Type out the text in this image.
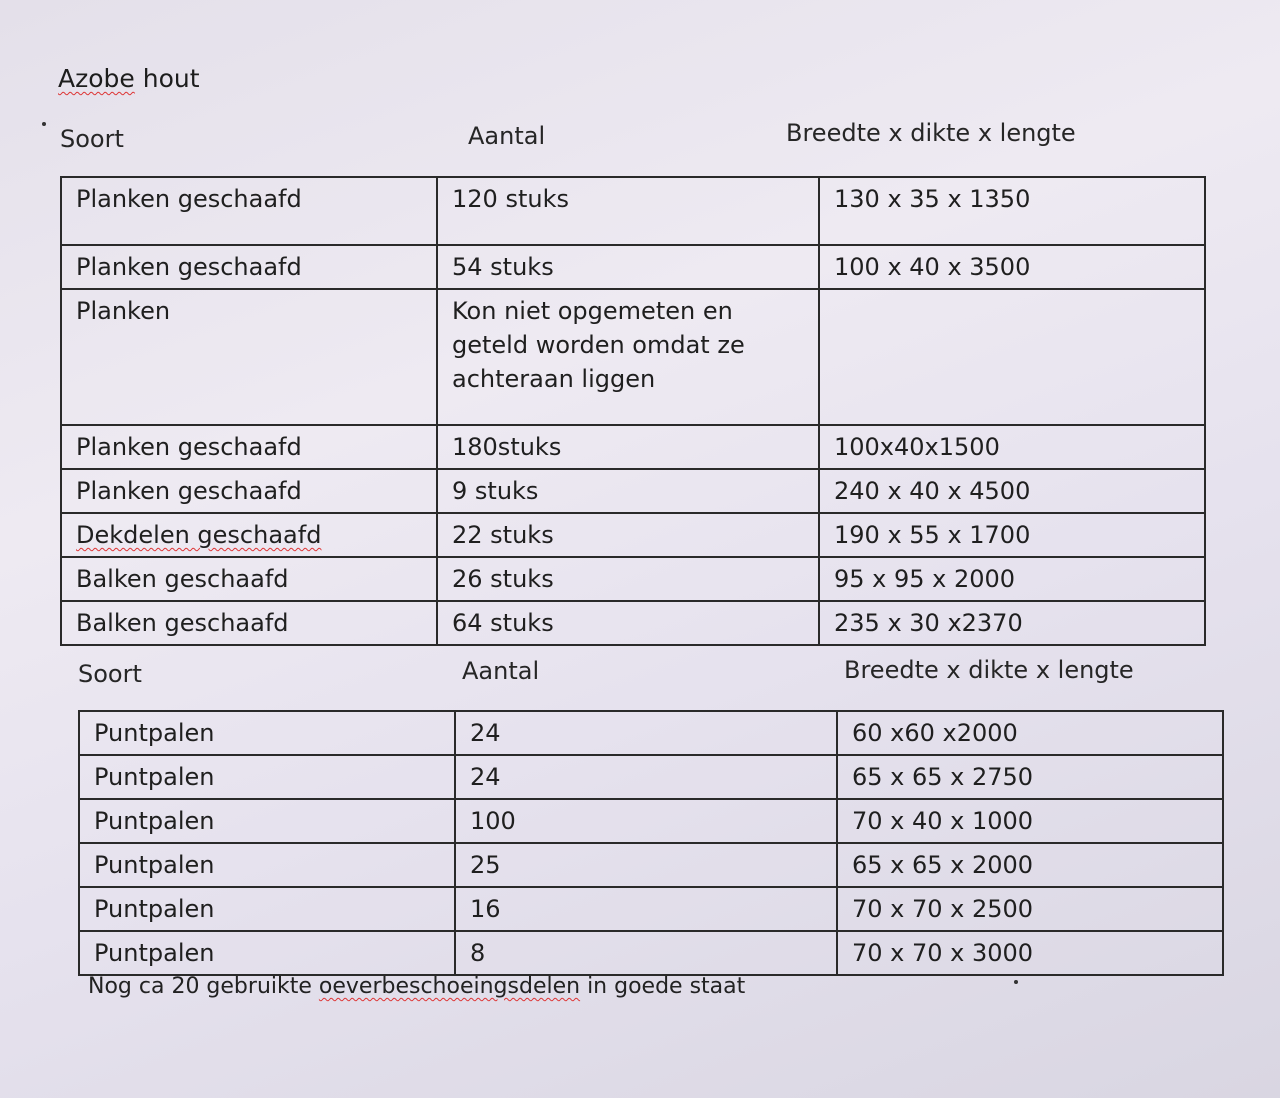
Azobe hout
Soort	Aantal	Breedte x dikte x lengte
Planken geschaafd	120 stuks	130 x 35 x 1350
Planken geschaafd	54 stuks	100 x 40 x 3500
Planken	Kon niet opgemeten en geteld worden omdat ze achteraan liggen	
Planken geschaafd	180stuks	100x40x1500
Planken geschaafd	9 stuks	240 x 40 x 4500
Dekdelen geschaafd	22 stuks	190 x 55 x 1700
Balken geschaafd	26 stuks	95 x 95 x 2000
Balken geschaafd	64 stuks	235 x 30 x2370
Soort	Aantal	Breedte x dikte x lengte
Puntpalen	24	60 x60 x2000
Puntpalen	24	65 x 65 x 2750
Puntpalen	100	70 x 40 x 1000
Puntpalen	25	65 x 65 x 2000
Puntpalen	16	70 x 70 x 2500
Puntpalen	8	70 x 70 x 3000
Nog ca 20 gebruikte oeverbeschoeingsdelen in goede staat
